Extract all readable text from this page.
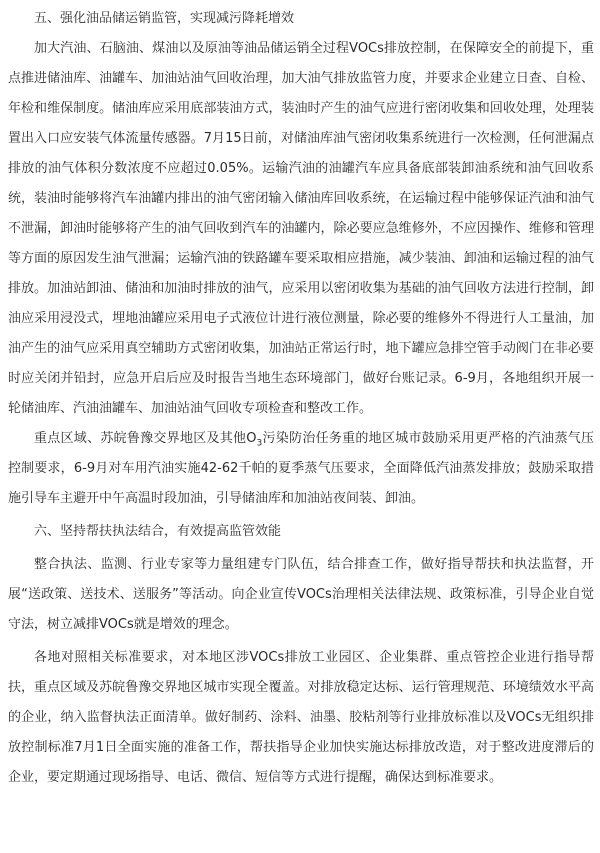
五、强化油品储运销监管，实现减污降耗增效

加大汽油、石脑油、煤油以及原油等油品储运销全过程VOCs排放控制，在保障安全的前提下，重点推进储油库、油罐车、加油站油气回收治理，加大油气排放监管力度，并要求企业建立日查、自检、年检和维保制度。储油库应采用底部装油方式，装油时产生的油气应进行密闭收集和回收处理，处理装置出入口应安装气体流量传感器。7月15日前，对储油库油气密闭收集系统进行一次检测，任何泄漏点排放的油气体积分数浓度不应超过0.05%。运输汽油的油罐汽车应具备底部装卸油系统和油气回收系统，装油时能够将汽车油罐内排出的油气密闭输入储油库回收系统，在运输过程中能够保证汽油和油气不泄漏，卸油时能够将产生的油气回收到汽车的油罐内，除必要应急维修外，不应因操作、维修和管理等方面的原因发生油气泄漏；运输汽油的铁路罐车要采取相应措施，减少装油、卸油和运输过程的油气排放。加油站卸油、储油和加油时排放的油气，应采用以密闭收集为基础的油气回收方法进行控制，卸油应采用浸没式，埋地油罐应采用电子式液位计进行液位测量，除必要的维修外不得进行人工量油，加油产生的油气应采用真空辅助方式密闭收集，加油站正常运行时，地下罐应急排空管手动阀门在非必要时应关闭并铅封，应急开启后应及时报告当地生态环境部门，做好台账记录。6-9月，各地组织开展一轮储油库、汽油油罐车、加油站油气回收专项检查和整改工作。

重点区域、苏皖鲁豫交界地区及其他$O_3$污染防治任务重的地区城市鼓励采用更严格的汽油蒸气压控制要求，6-9月对车用汽油实施42-62千帕的夏季蒸气压要求，全面降低汽油蒸发排放；鼓励采取措施引导车主避开中午高温时段加油，引导储油库和加油站夜间装、卸油。

六、坚持帮扶执法结合，有效提高监管效能

整合执法、监测、行业专家等力量组建专门队伍，结合排查工作，做好指导帮扶和执法监督，开展“送政策、送技术、送服务”等活动。向企业宣传VOCs治理相关法律法规、政策标准，引导企业自觉守法，树立减排VOCs就是增效的理念。

各地对照相关标准要求，对本地区涉VOCs排放工业园区、企业集群、重点管控企业进行指导帮扶，重点区域及苏皖鲁豫交界地区城市实现全覆盖。对排放稳定达标、运行管理规范、环境绩效水平高的企业，纳入监督执法正面清单。做好制药、涂料、油墨、胶粘剂等行业排放标准以及VOCs无组织排放控制标准7月1日全面实施的准备工作，帮扶指导企业加快实施达标排放改造，对于整改进度滞后的企业，要定期通过现场指导、电话、微信、短信等方式进行提醒，确保达到标准要求。
